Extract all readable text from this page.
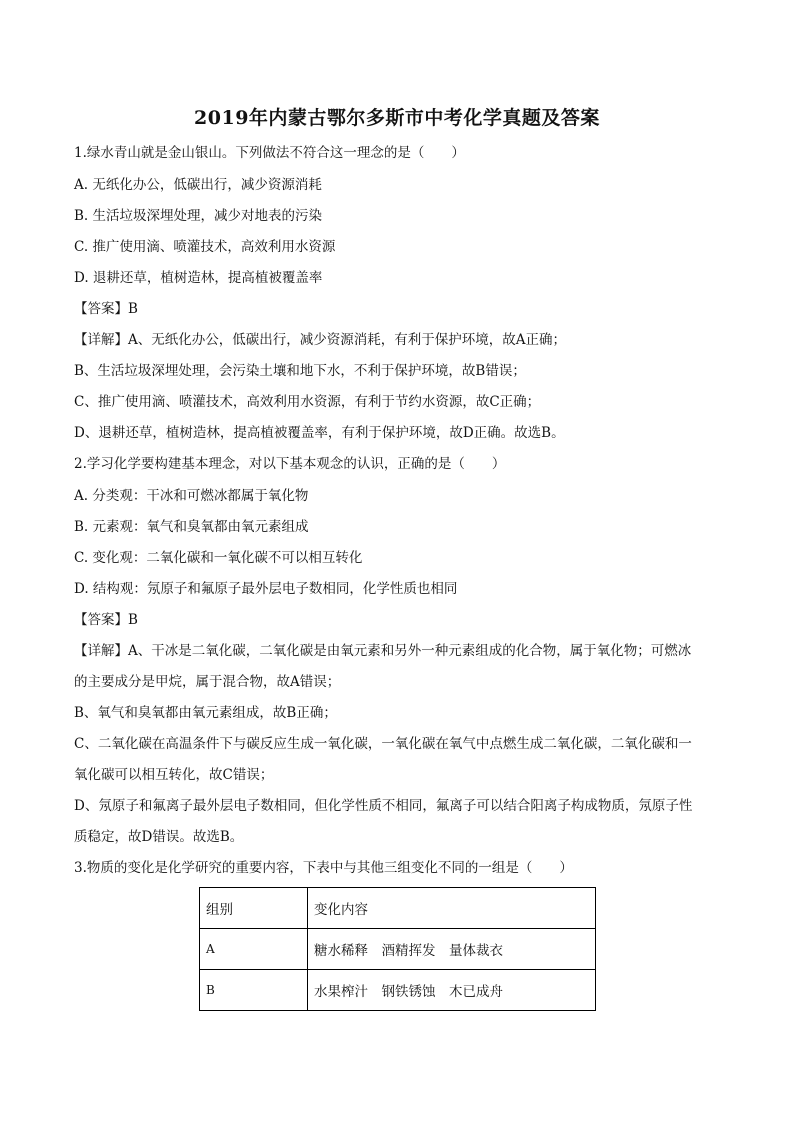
2019年内蒙古鄂尔多斯市中考化学真题及答案
1.绿水青山就是金山银山。下列做法不符合这一理念的是（　　）
A. 无纸化办公，低碳出行，减少资源消耗
B. 生活垃圾深埋处理，减少对地表的污染
C. 推广使用滴、喷灌技术，高效利用水资源
D. 退耕还草，植树造林，提高植被覆盖率
【答案】B
【详解】A、无纸化办公，低碳出行，减少资源消耗，有利于保护环境，故A正确；
B、生活垃圾深埋处理，会污染土壤和地下水，不利于保护环境，故B错误；
C、推广使用滴、喷灌技术，高效利用水资源，有利于节约水资源，故C正确；
D、退耕还草，植树造林，提高植被覆盖率，有利于保护环境，故D正确。故选B。
2.学习化学要构建基本理念，对以下基本观念的认识，正确的是（　　）
A. 分类观：干冰和可燃冰都属于氧化物
B. 元素观：氧气和臭氧都由氧元素组成
C. 变化观：二氧化碳和一氧化碳不可以相互转化
D. 结构观：氖原子和氟原子最外层电子数相同，化学性质也相同
【答案】B
【详解】A、干冰是二氧化碳，二氧化碳是由氧元素和另外一种元素组成的化合物，属于氧化物；可燃冰
的主要成分是甲烷，属于混合物，故A错误；
B、氧气和臭氧都由氧元素组成，故B正确；
C、二氧化碳在高温条件下与碳反应生成一氧化碳，一氧化碳在氧气中点燃生成二氧化碳，二氧化碳和一
氧化碳可以相互转化，故C错误；
D、氖原子和氟离子最外层电子数相同，但化学性质不相同，氟离子可以结合阳离子构成物质，氖原子性
质稳定，故D错误。故选B。
3.物质的变化是化学研究的重要内容，下表中与其他三组变化不同的一组是（　　）
组别	变化内容
A	糖水稀释　酒精挥发　量体裁衣
B	水果榨汁　钢铁锈蚀　木已成舟
